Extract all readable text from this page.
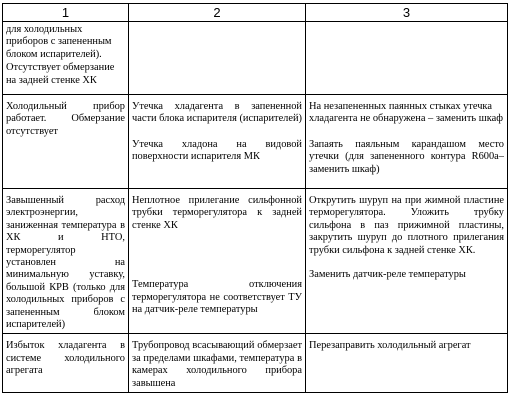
1	2	3

для холодильных приборов с запененным блоком испарителей).
Отсутствует обмерзание на задней стенке ХК		

Холодильный прибор работает. Обмерзание отсутствует	Утечка хладагента в запененной части блока испарителя (испарителей)
Утечка хладона на видовой поверхности испарителя МК	На незапененных паянных стыках утечка хладагента не обнаружена – заменить шкаф
Запаять паяльным карандашом место утечки (для запененного контура R600a– заменить шкаф)

Завышенный расход электроэнергии, заниженная температура в ХК и НТО, терморегулятор установлен на минимальную уставку, большой КРВ (только для холодильных приборов с запененным блоком испарителей)	Неплотное прилегание сильфонной трубки терморегулятора к задней стенке ХК
Температура отключения терморегулятора не соответствует ТУ на датчик-реле температуры	Открутить шуруп на при жимной пластине терморегулятора. Уложить трубку сильфона в паз прижимной пластины, закрутить шуруп до плотного прилегания трубки сильфона к задней стенке ХК.
Заменить датчик-реле температуры

Избыток хладагента в системе холодильного агрегата	Трубопровод всасывающий обмерзает за пределами шкафами, температура в камерах холодильного прибора завышена	Перезаправить холодильный агрегат
